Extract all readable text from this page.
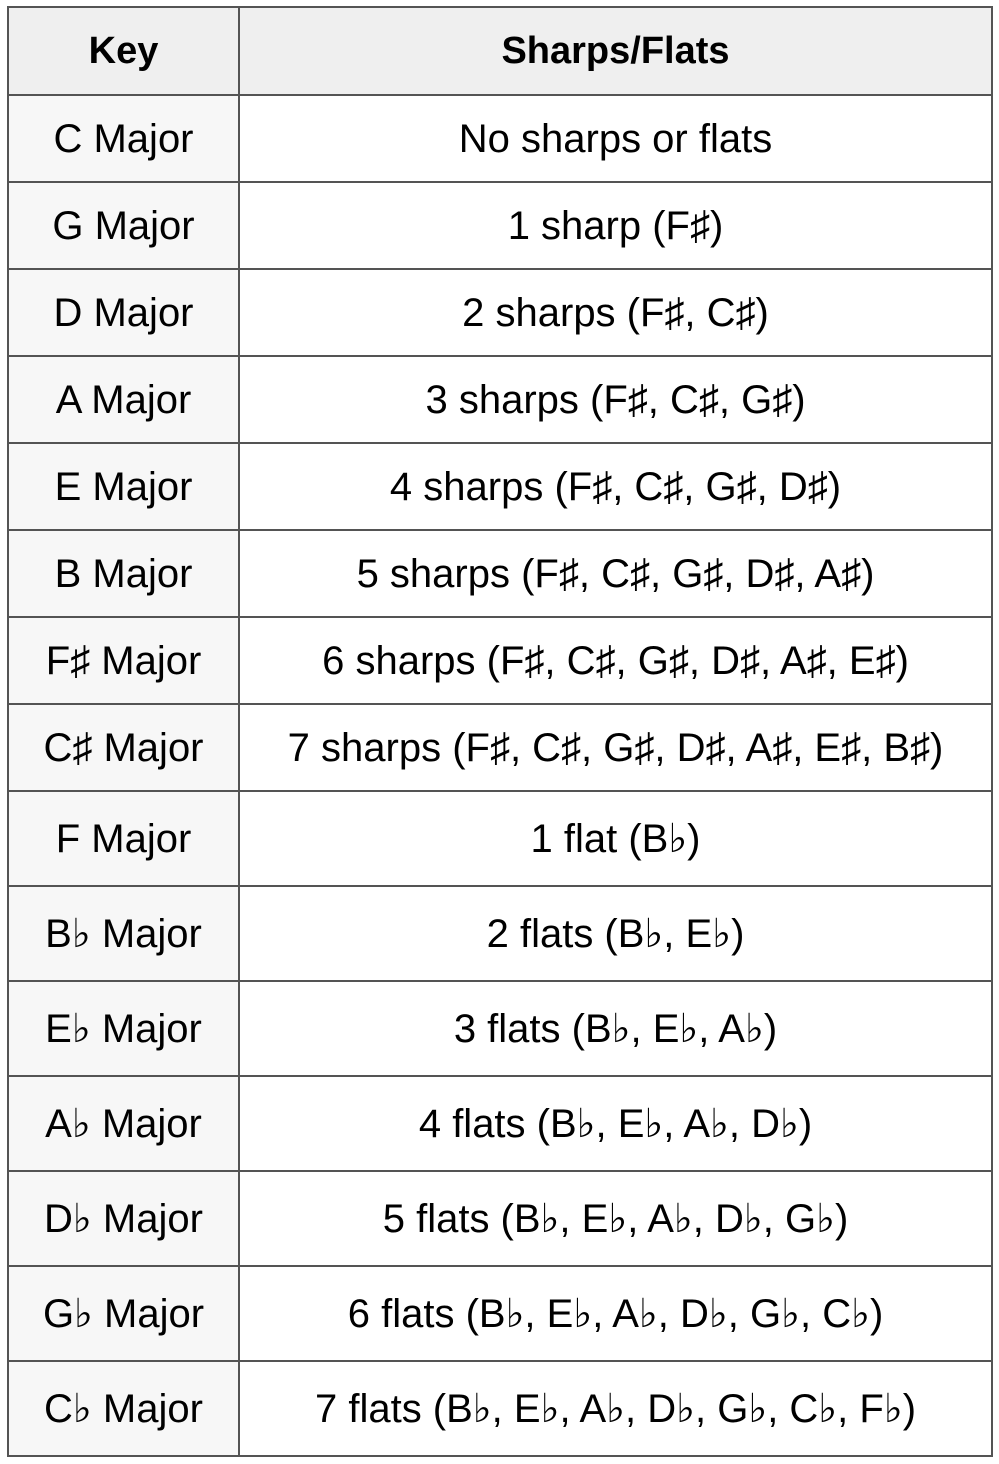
Key	Sharps/Flats
C Major	No sharps or flats
G Major	1 sharp (F♯)
D Major	2 sharps (F♯, C♯)
A Major	3 sharps (F♯, C♯, G♯)
E Major	4 sharps (F♯, C♯, G♯, D♯)
B Major	5 sharps (F♯, C♯, G♯, D♯, A♯)
F♯ Major	6 sharps (F♯, C♯, G♯, D♯, A♯, E♯)
C♯ Major	7 sharps (F♯, C♯, G♯, D♯, A♯, E♯, B♯)
F Major	1 flat (B♭)
B♭ Major	2 flats (B♭, E♭)
E♭ Major	3 flats (B♭, E♭, A♭)
A♭ Major	4 flats (B♭, E♭, A♭, D♭)
D♭ Major	5 flats (B♭, E♭, A♭, D♭, G♭)
G♭ Major	6 flats (B♭, E♭, A♭, D♭, G♭, C♭)
C♭ Major	7 flats (B♭, E♭, A♭, D♭, G♭, C♭, F♭)
